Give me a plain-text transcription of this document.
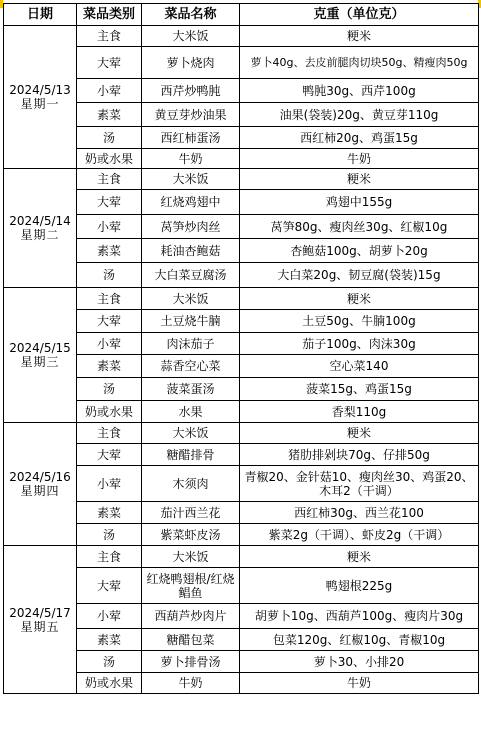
日期	菜品类别	菜品名称	克重（单位克）

2024/5/13
星期一	主食	大米饭	粳米
	大荤	萝卜烧肉	萝卜40g、去皮前腿肉切块50g、精瘦肉50g
	小荤	西芹炒鸭肫	鸭肫30g、西芹100g
	素菜	黄豆芽炒油果	油果(袋装)20g、黄豆芽110g
	汤	西红柿蛋汤	西红柿20g、鸡蛋15g
	奶或水果	牛奶	牛奶

2024/5/14
星期二	主食	大米饭	粳米
	大荤	红烧鸡翅中	鸡翅中155g
	小荤	莴笋炒肉丝	莴笋80g、瘦肉丝30g、红椒10g
	素菜	耗油杏鲍菇	杏鲍菇100g、胡萝卜20g
	汤	大白菜豆腐汤	大白菜20g、韧豆腐(袋装)15g

2024/5/15
星期三	主食	大米饭	粳米
	大荤	土豆烧牛腩	土豆50g、牛腩100g
	小荤	肉沫茄子	茄子100g、肉沫30g
	素菜	蒜香空心菜	空心菜140
	汤	菠菜蛋汤	菠菜15g、鸡蛋15g
	奶或水果	水果	香梨110g

2024/5/16
星期四	主食	大米饭	粳米
	大荤	糖醋排骨	猪肋排剁块70g、仔排50g
	小荤	木须肉	青椒20、金针菇10、瘦肉丝30、鸡蛋20、木耳2（干调）
	素菜	茄汁西兰花	西红柿30g、西兰花100
	汤	紫菜虾皮汤	紫菜2g（干调）、虾皮2g（干调）

2024/5/17
星期五	主食	大米饭	粳米
	大荤	红烧鸭翅根/红烧鲳鱼	鸭翅根225g
	小荤	西葫芦炒肉片	胡萝卜10g、西葫芦100g、瘦肉片30g
	素菜	糖醋包菜	包菜120g、红椒10g、青椒10g
	汤	萝卜排骨汤	萝卜30、小排20
	奶或水果	牛奶	牛奶
